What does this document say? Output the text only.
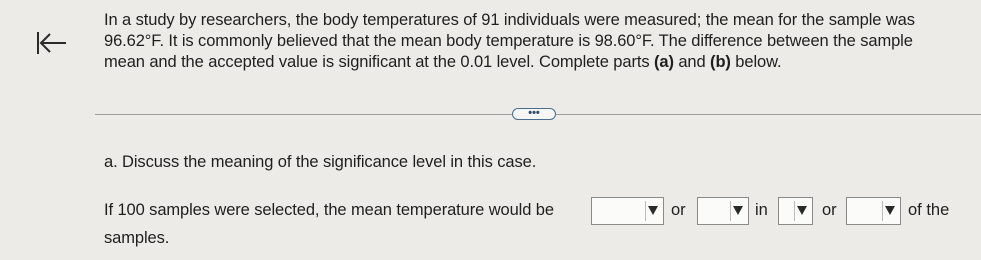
In a study by researchers, the body temperatures of 91 individuals were measured; the mean for the sample was
96.62°F. It is commonly believed that the mean body temperature is 98.60°F. The difference between the sample
mean and the accepted value is significant at the 0.01 level. Complete parts (a) and (b) below.
•••
a. Discuss the meaning of the significance level in this case.
If 100 samples were selected, the mean temperature would be	or	in	or	of the
samples.
